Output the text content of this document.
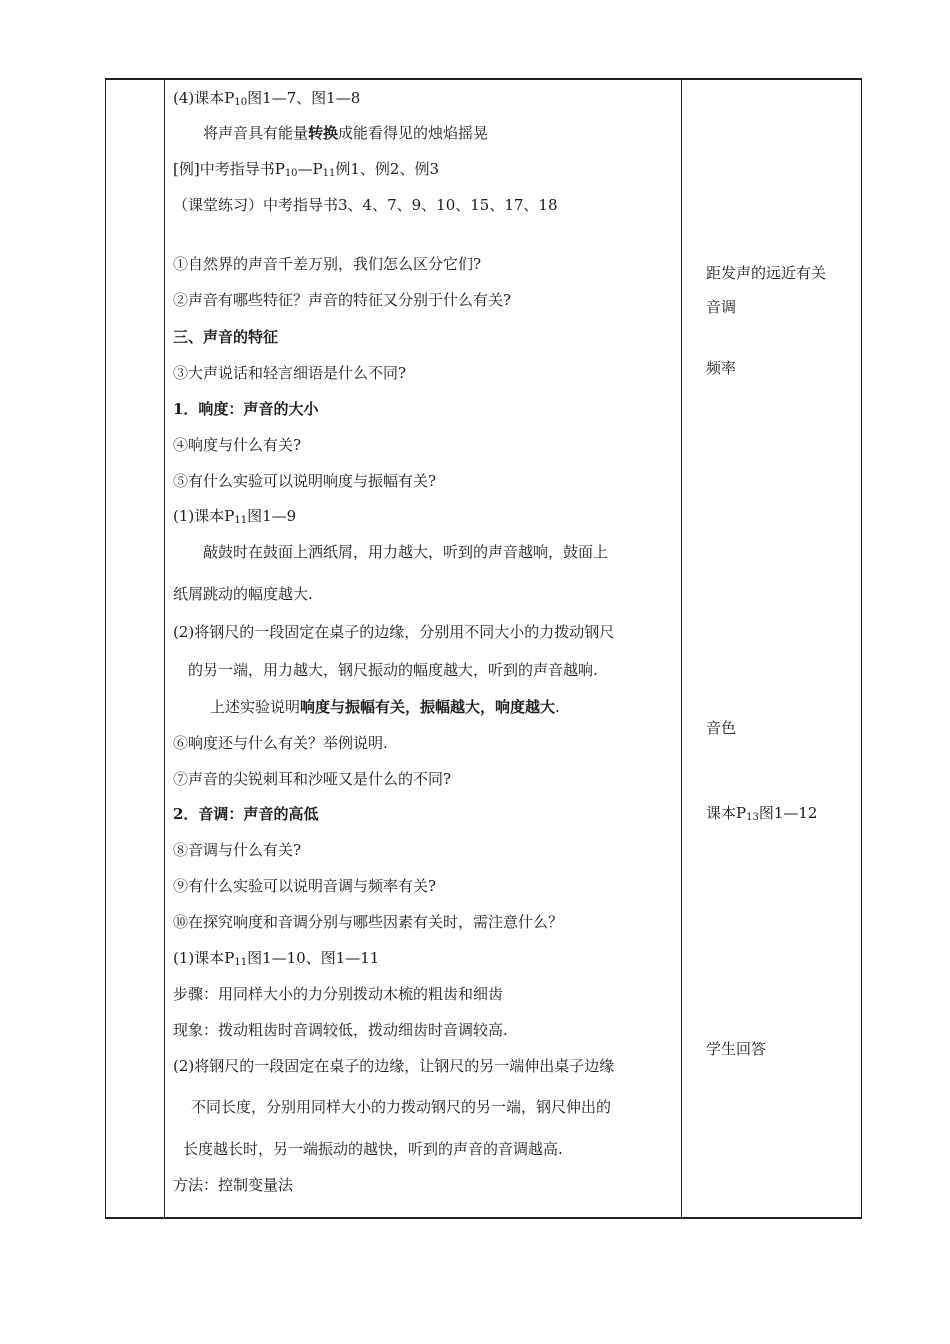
(4)课本$P_{10}$图1—7、图1—8
将声音具有能量转换成能看得见的烛焰摇晃
[例]中考指导书$P_{10}—P_{11}$例1、例2、例3
（课堂练习）中考指导书3、4、7、9、10、15、17、18
①自然界的声音千差万别，我们怎么区分它们?
②声音有哪些特征？声音的特征又分别于什么有关?
三、声音的特征
③大声说话和轻言细语是什么不同?
1．响度：声音的大小
④响度与什么有关?
⑤有什么实验可以说明响度与振幅有关?
(1)课本$P_{11}$图1—9
敲鼓时在鼓面上洒纸屑，用力越大，听到的声音越响，鼓面上
纸屑跳动的幅度越大.
(2)将钢尺的一段固定在桌子的边缘，分别用不同大小的力拨动钢尺
的另一端，用力越大，钢尺振动的幅度越大，听到的声音越响.
上述实验说明响度与振幅有关，振幅越大，响度越大.
⑥响度还与什么有关？举例说明.
⑦声音的尖锐刺耳和沙哑又是什么的不同?
2．音调：声音的高低
⑧音调与什么有关?
⑨有什么实验可以说明音调与频率有关?
⑩在探究响度和音调分别与哪些因素有关时，需注意什么？
(1)课本$P_{11}$图1—10、图1—11
步骤：用同样大小的力分别拨动木梳的粗齿和细齿
现象：拨动粗齿时音调较低，拨动细齿时音调较高.
(2)将钢尺的一段固定在桌子的边缘，让钢尺的另一端伸出桌子边缘
不同长度，分别用同样大小的力拨动钢尺的另一端，钢尺伸出的
长度越长时，另一端振动的越快，听到的声音的音调越高.
方法：控制变量法
距发声的远近有关
音调
频率
音色
课本$P_{13}$图1—12
学生回答
